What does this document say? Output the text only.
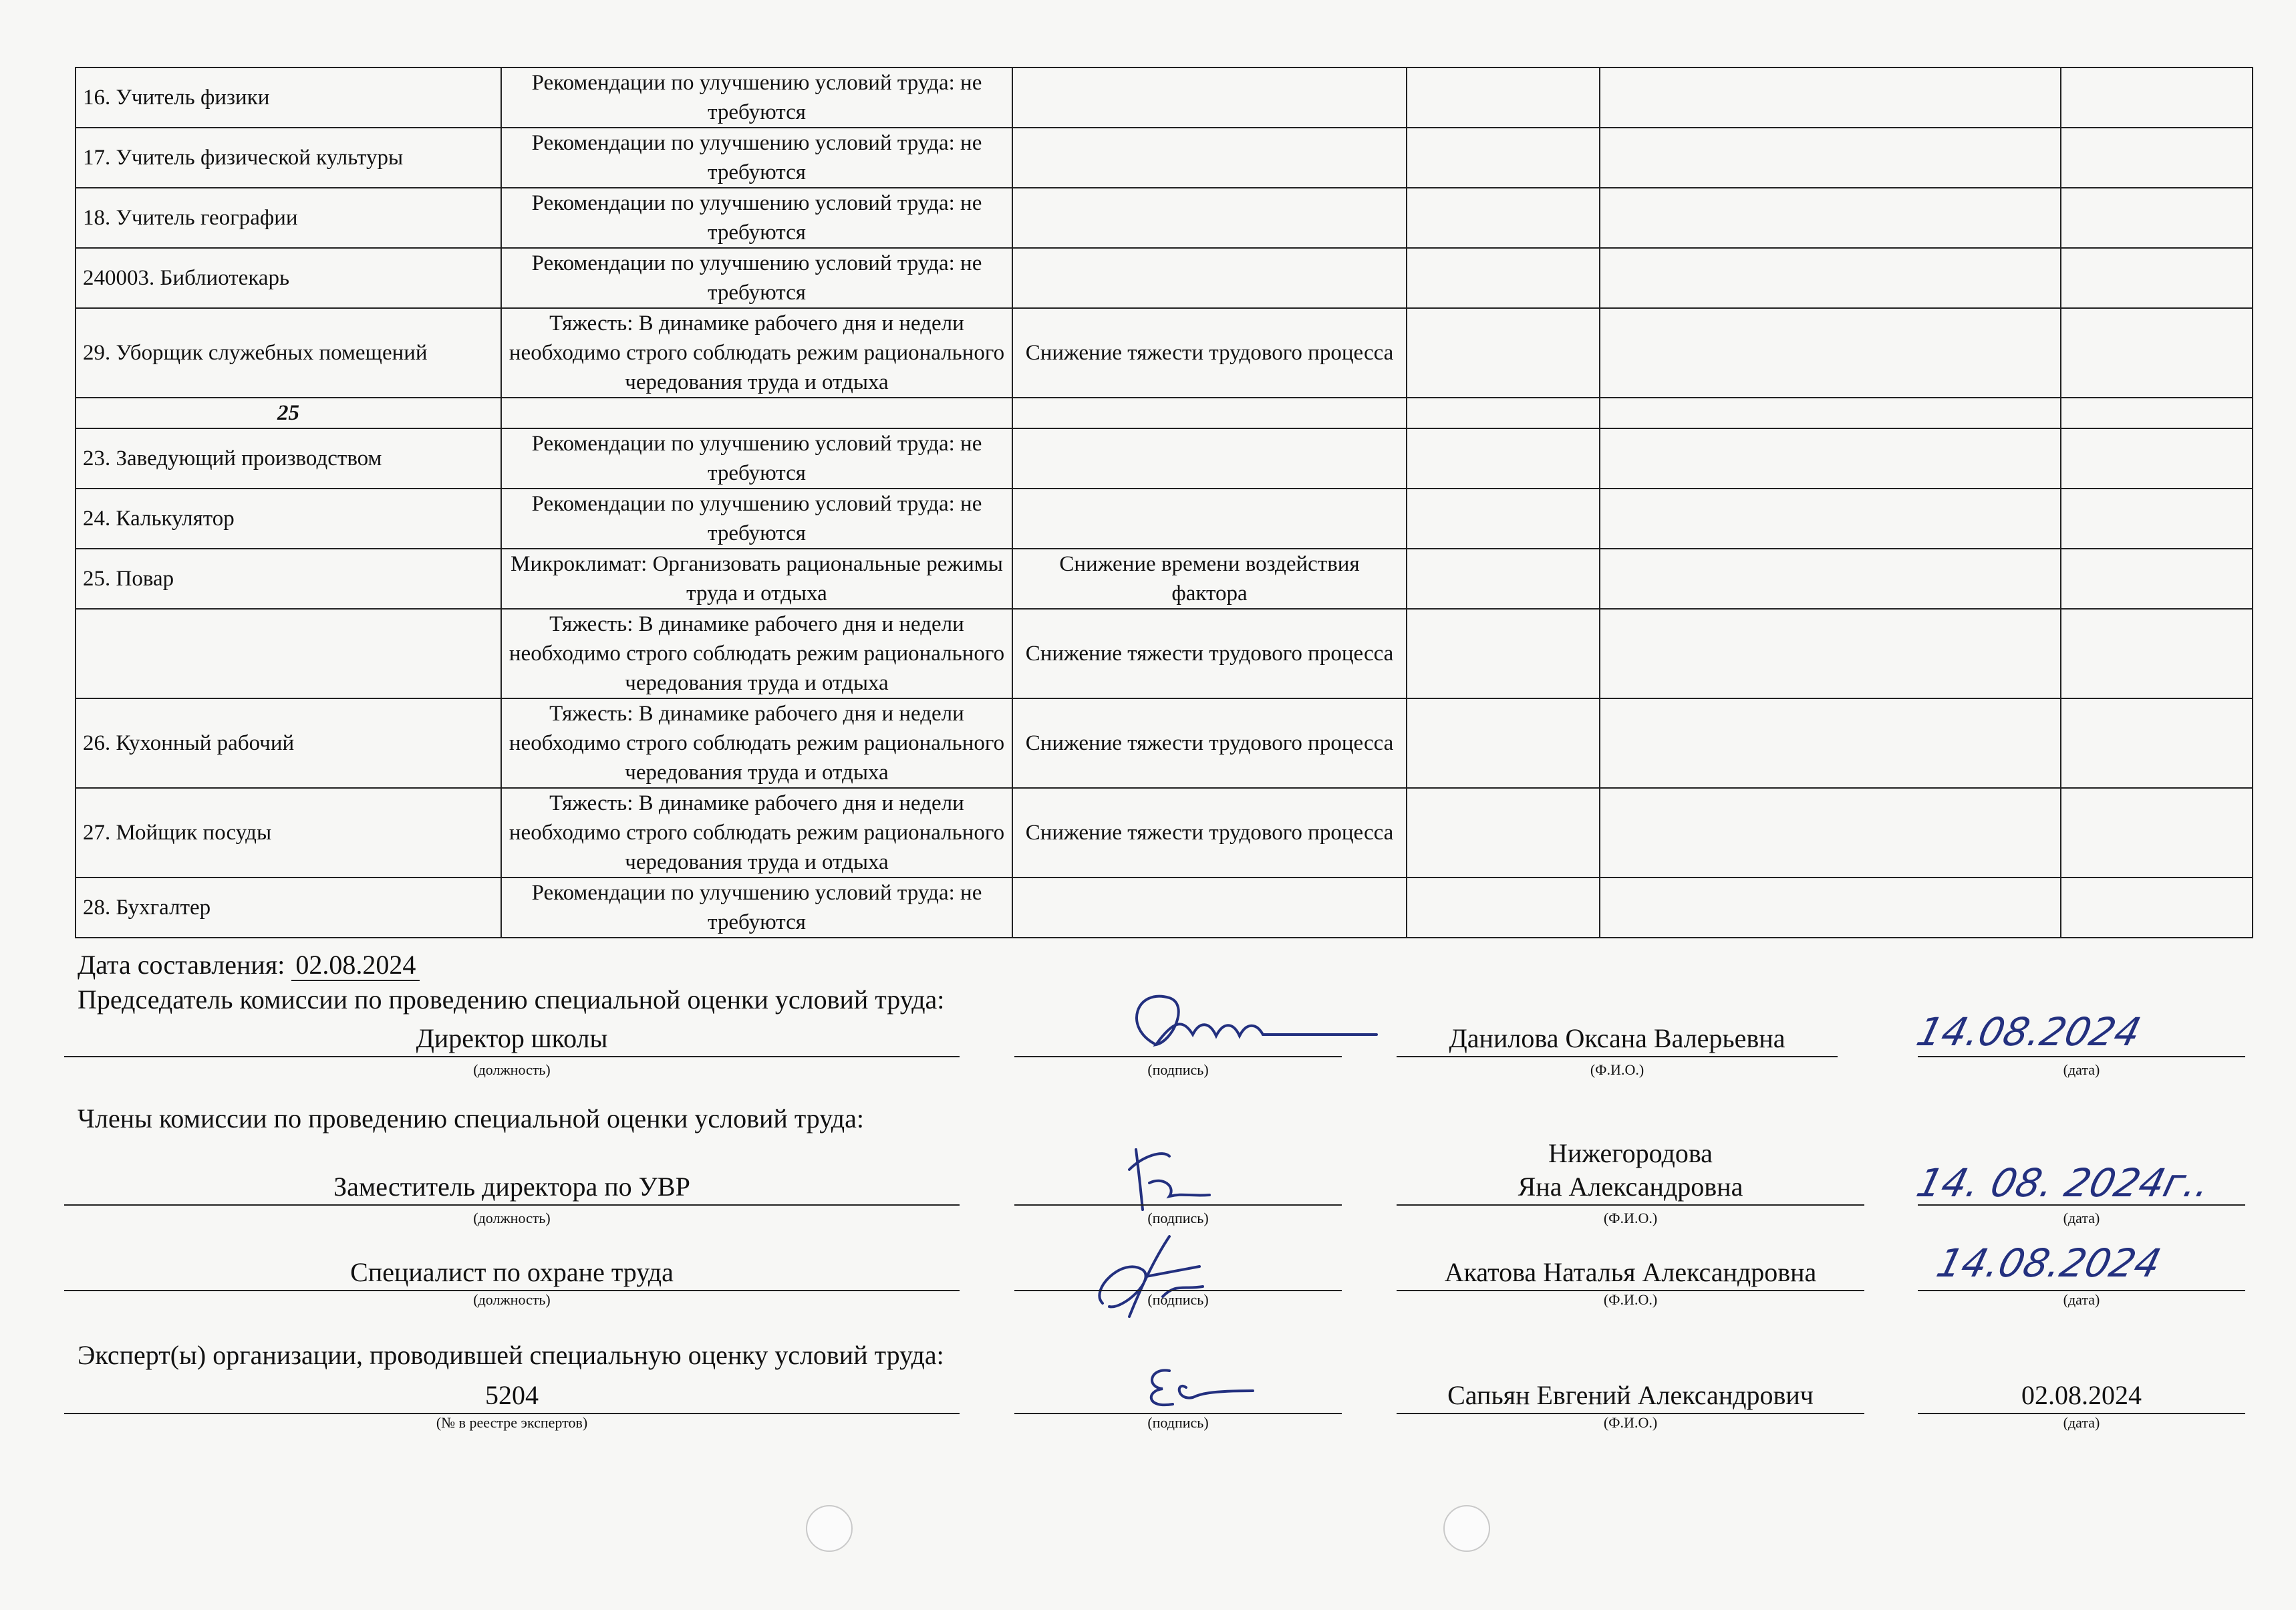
16. Учитель физики	Рекомендации по улучшению условий труда: не требуются				
17. Учитель физической культуры	Рекомендации по улучшению условий труда: не требуются				
18. Учитель географии	Рекомендации по улучшению условий труда: не требуются				
240003. Библиотекарь	Рекомендации по улучшению условий труда: не требуются				
29. Уборщик служебных помещений	Тяжесть: В динамике рабочего дня и недели необходимо строго соблюдать режим рационального чередования труда и отдыха	Снижение тяжести трудового процесса			
25					
23. Заведующий производством	Рекомендации по улучшению условий труда: не требуются				
24. Калькулятор	Рекомендации по улучшению условий труда: не требуются				
25. Повар	Микроклимат: Организовать рациональные режимы труда и отдыха	Снижение времени воздействия фактора			
	Тяжесть: В динамике рабочего дня и недели необходимо строго соблюдать режим рационального чередования труда и отдыха	Снижение тяжести трудового процесса			
26. Кухонный рабочий	Тяжесть: В динамике рабочего дня и недели необходимо строго соблюдать режим рационального чередования труда и отдыха	Снижение тяжести трудового процесса			
27. Мойщик посуды	Тяжесть: В динамике рабочего дня и недели необходимо строго соблюдать режим рационального чередования труда и отдыха	Снижение тяжести трудового процесса			
28. Бухгалтер	Рекомендации по улучшению условий труда: не требуются				
Дата составления: 02.08.2024
Председатель комиссии по проведению специальной оценки условий труда:
Директор школы
(должность)	(подпись)
Данилова Оксана Валерьевна
(Ф.И.О.)
14.08.2024
(дата)
Члены комиссии по проведению специальной оценки условий труда:
Заместитель директора по УВР
(должность)	(подпись)
Нижегородова
Яна Александровна
(Ф.И.О.)
14. 08. 2024г..
(дата)
Специалист по охране труда
(должность)	(подпись)
Акатова Наталья Александровна
(Ф.И.О.)
14.08.2024
(дата)
Эксперт(ы) организации, проводившей специальную оценку условий труда:
5204
(№ в реестре экспертов)	(подпись)
Сапьян Евгений Александрович
(Ф.И.О.)
02.08.2024
(дата)
